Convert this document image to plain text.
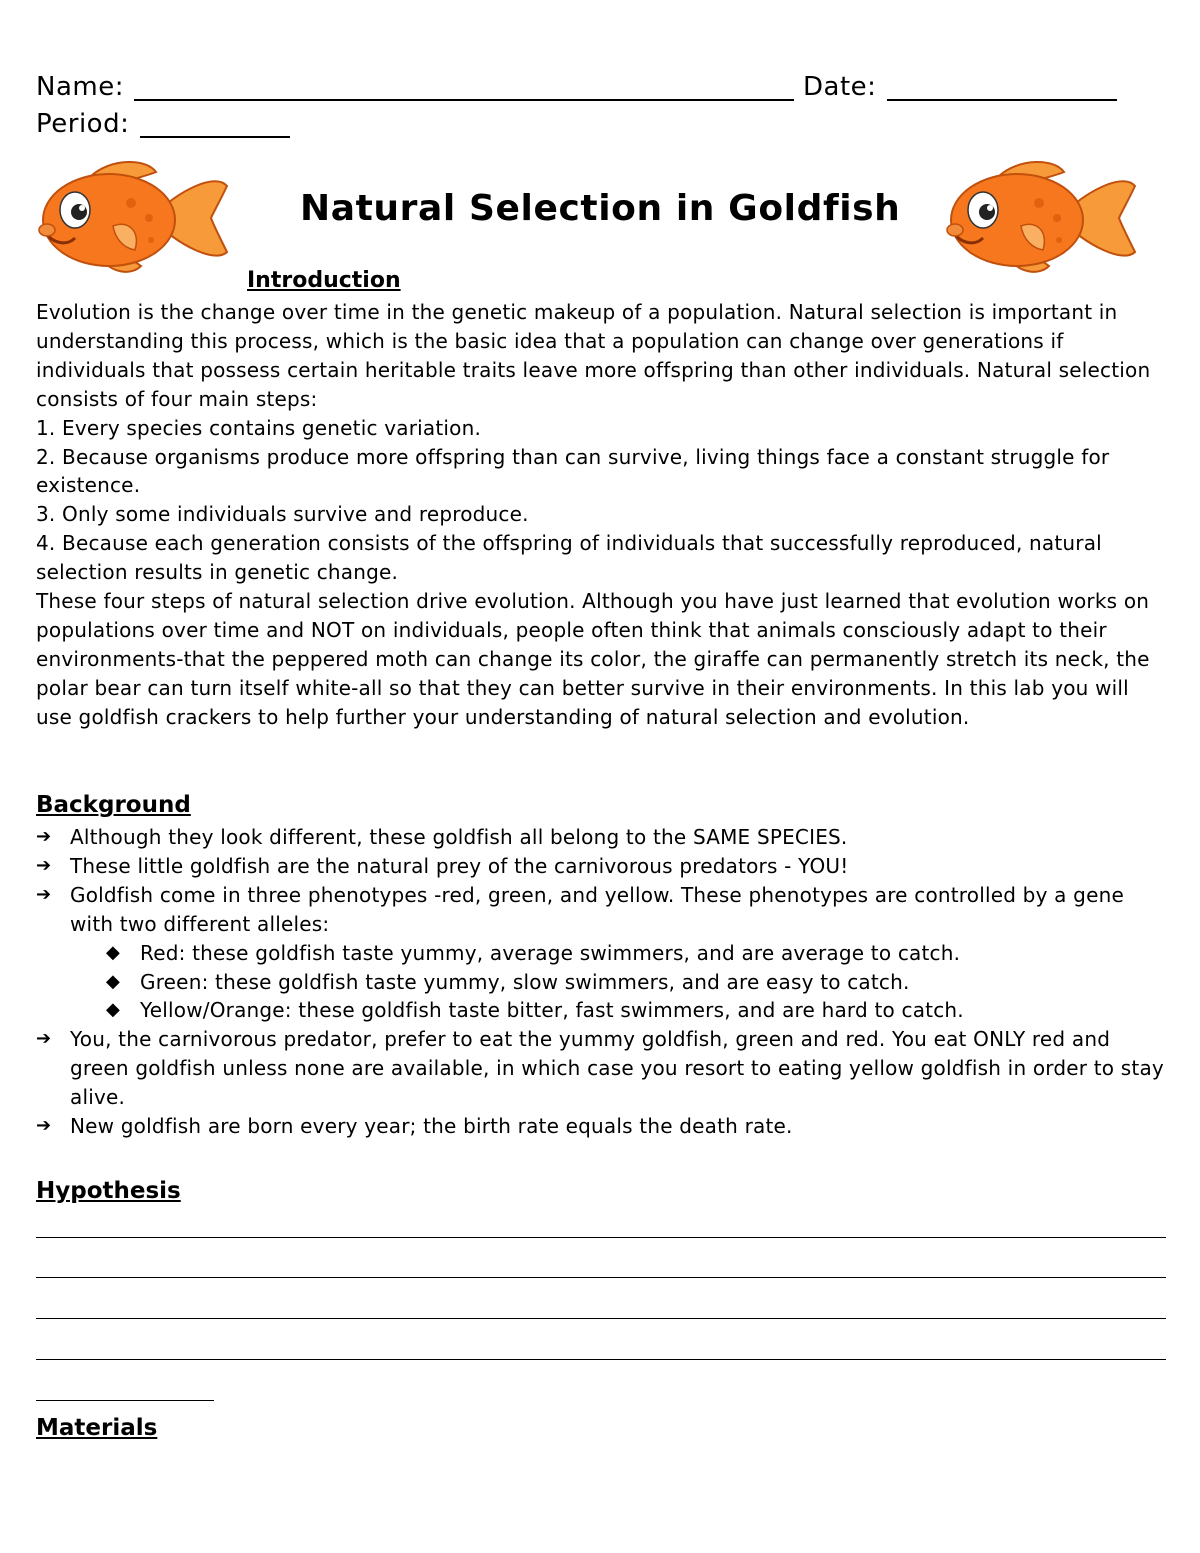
Name:	Date:
Period:
Natural Selection in Goldfish
Introduction

Evolution is the change over time in the genetic makeup of a population. Natural selection is important in understanding this process, which is the basic idea that a population can change over generations if individuals that possess certain heritable traits leave more offspring than other individuals. Natural selection consists of four main steps:

1. Every species contains genetic variation.

2. Because organisms produce more offspring than can survive, living things face a constant struggle for existence.

3. Only some individuals survive and reproduce.

4. Because each generation consists of the offspring of individuals that successfully reproduced, natural selection results in genetic change.

These four steps of natural selection drive evolution. Although you have just learned that evolution works on populations over time and NOT on individuals, people often think that animals consciously adapt to their environments-that the peppered moth can change its color, the giraffe can permanently stretch its neck, the polar bear can turn itself white-all so that they can better survive in their environments. In this lab you will use goldfish crackers to help further your understanding of natural selection and evolution.

Background
➔ Although they look different, these goldfish all belong to the SAME SPECIES.
➔ These little goldfish are the natural prey of the carnivorous predators - YOU!
➔ Goldfish come in three phenotypes -red, green, and yellow. These phenotypes are controlled by a gene with two different alleles:
◆ Red: these goldfish taste yummy, average swimmers, and are average to catch.
◆ Green: these goldfish taste yummy, slow swimmers, and are easy to catch.
◆ Yellow/Orange: these goldfish taste bitter, fast swimmers, and are hard to catch.
➔ You, the carnivorous predator, prefer to eat the yummy goldfish, green and red. You eat ONLY red and green goldfish unless none are available, in which case you resort to eating yellow goldfish in order to stay alive.
➔ New goldfish are born every year; the birth rate equals the death rate.
Hypothesis
Materials
